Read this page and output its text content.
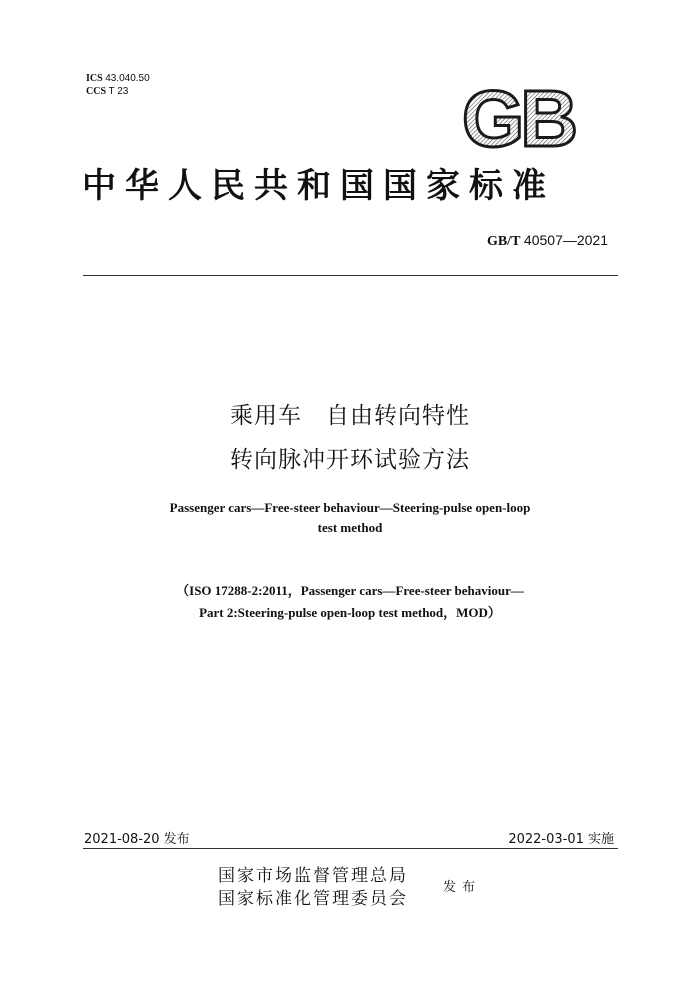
ICS 43.040.50
CCS T 23	GB
中华人民共和国国家标准
GB/T 40507—2021
乘用车　自由转向特性
转向脉冲开环试验方法
Passenger cars—Free-steer behaviour—Steering-pulse open-loop
test method
（ISO 17288-2:2011，Passenger cars—Free-steer behaviour—
Part 2:Steering-pulse open-loop test method，MOD）
2021-08-20 发布	2022-03-01 实施
国家市场监督管理总局
国家标准化管理委员会
发布
